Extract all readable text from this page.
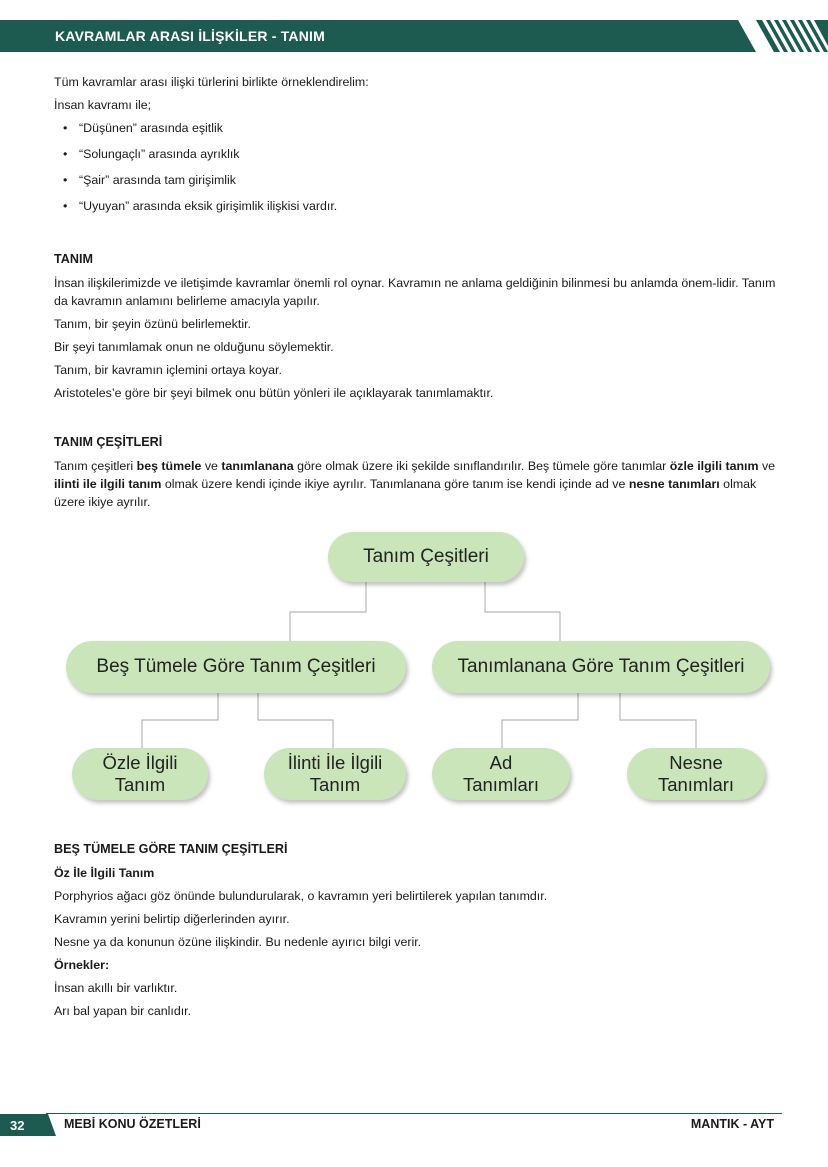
KAVRAMLAR ARASI İLİŞKİLER - TANIM
Tüm kavramlar arası ilişki türlerini birlikte örneklendirelim:
İnsan kavramı ile;
• “Düşünen” arasında eşitlik
• “Solungaçlı” arasında ayrıklık
• “Şair” arasında tam girişimlik
• “Uyuyan” arasında eksik girişimlik ilişkisi vardır.
TANIM
İnsan ilişkilerimizde ve iletişimde kavramlar önemli rol oynar. Kavramın ne anlama geldiğinin bilinmesi bu anlamda önem-lidir. Tanım da kavramın anlamını belirleme amacıyla yapılır.
Tanım, bir şeyin özünü belirlemektir.
Bir şeyi tanımlamak onun ne olduğunu söylemektir.
Tanım, bir kavramın içlemini ortaya koyar.
Aristoteles’e göre bir şeyi bilmek onu bütün yönleri ile açıklayarak tanımlamaktır.
TANIM ÇEŞİTLERİ
Tanım çeşitleri beş tümele ve tanımlanana göre olmak üzere iki şekilde sınıflandırılır. Beş tümele göre tanımlar özle ilgili tanım ve ilinti ile ilgili tanım olmak üzere kendi içinde ikiye ayrılır. Tanımlanana göre tanım ise kendi içinde ad ve nesne tanımları olmak üzere ikiye ayrılır.
Tanım Çeşitleri
Beş Tümele Göre Tanım Çeşitleri	Tanımlanana Göre Tanım Çeşitleri
Özle İlgili
Tanım
İlinti İle İlgili
Tanım
Ad
Tanımları
Nesne
Tanımları
BEŞ TÜMELE GÖRE TANIM ÇEŞİTLERİ
Öz İle İlgili Tanım
Porphyrios ağacı göz önünde bulundurularak, o kavramın yeri belirtilerek yapılan tanımdır.
Kavramın yerini belirtip diğerlerinden ayırır.
Nesne ya da konunun özüne ilişkindir. Bu nedenle ayırıcı bilgi verir.
Örnekler:
İnsan akıllı bir varlıktır.
Arı bal yapan bir canlıdır.
32	MEBİ KONU ÖZETLERİ	MANTIK - AYT
